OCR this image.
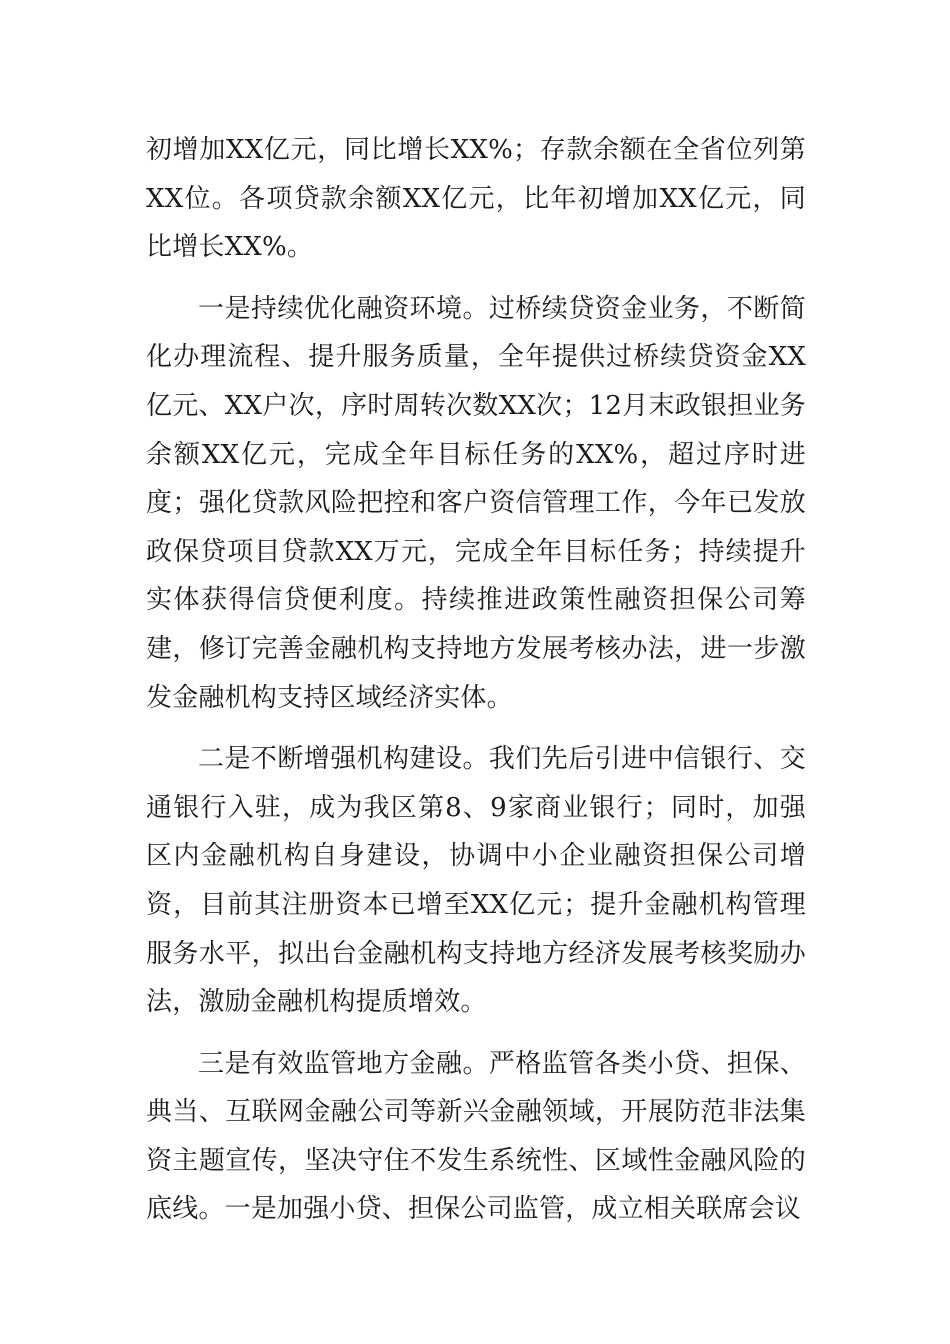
初增加XX亿元，同比增长XX%；存款余额在全省位列第XX位。各项贷款余额XX亿元，比年初增加XX亿元，同比增长XX%。

一是持续优化融资环境。过桥续贷资金业务，不断简化办理流程、提升服务质量，全年提供过桥续贷资金XX亿元、XX户次，序时周转次数XX次；12月末政银担业务余额XX亿元，完成全年目标任务的XX%，超过序时进度；强化贷款风险把控和客户资信管理工作，今年已发放政保贷项目贷款XX万元，完成全年目标任务；持续提升实体获得信贷便利度。持续推进政策性融资担保公司筹建，修订完善金融机构支持地方发展考核办法，进一步激发金融机构支持区域经济实体。

二是不断增强机构建设。我们先后引进中信银行、交通银行入驻，成为我区第8、9家商业银行；同时，加强区内金融机构自身建设，协调中小企业融资担保公司增资，目前其注册资本已增至XX亿元；提升金融机构管理服务水平，拟出台金融机构支持地方经济发展考核奖励办法，激励金融机构提质增效。

三是有效监管地方金融。严格监管各类小贷、担保、典当、互联网金融公司等新兴金融领域，开展防范非法集资主题宣传，坚决守住不发生系统性、区域性金融风险的底线。一是加强小贷、担保公司监管，成立相关联席会议
